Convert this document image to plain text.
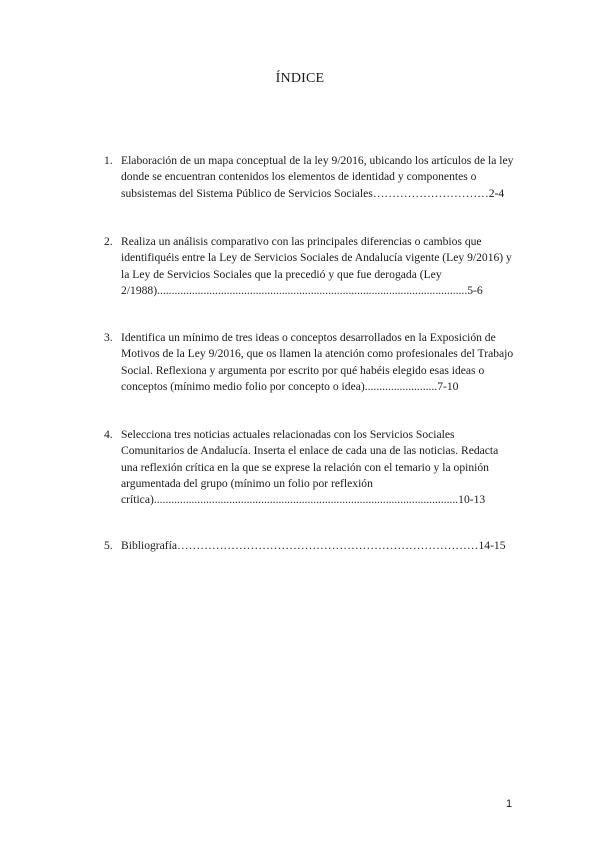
ÍNDICE
1. Elaboración de un mapa conceptual de la ley 9/2016, ubicando los artículos de la ley donde se encuentran contenidos los elementos de identidad y componentes o subsistemas del Sistema Público de Servicios Sociales…………………………2-4
2. Realiza un análisis comparativo con las principales diferencias o cambios que identifiquéis entre la Ley de Servicios Sociales de Andalucía vigente (Ley 9/2016) y la Ley de Servicios Sociales que la precedió y que fue derogada (Ley 2/1988)...........................................................................................................5-6
3. Identifica un mínimo de tres ideas o conceptos desarrollados en la Exposición de Motivos de la Ley 9/2016, que os llamen la atención como profesionales del Trabajo Social. Reflexiona y argumenta por escrito por qué habéis elegido esas ideas o conceptos (mínimo medio folio por concepto o idea).........................7-10
4. Selecciona tres noticias actuales relacionadas con los Servicios Sociales Comunitarios de Andalucía. Inserta el enlace de cada una de las noticias. Redacta una reflexión crítica en la que se exprese la relación con el temario y la opinión argumentada del grupo (mínimo un folio por reflexión crítica).........................................................................................................10-13
5. Bibliografía……………………………………………………………………14-15
1
